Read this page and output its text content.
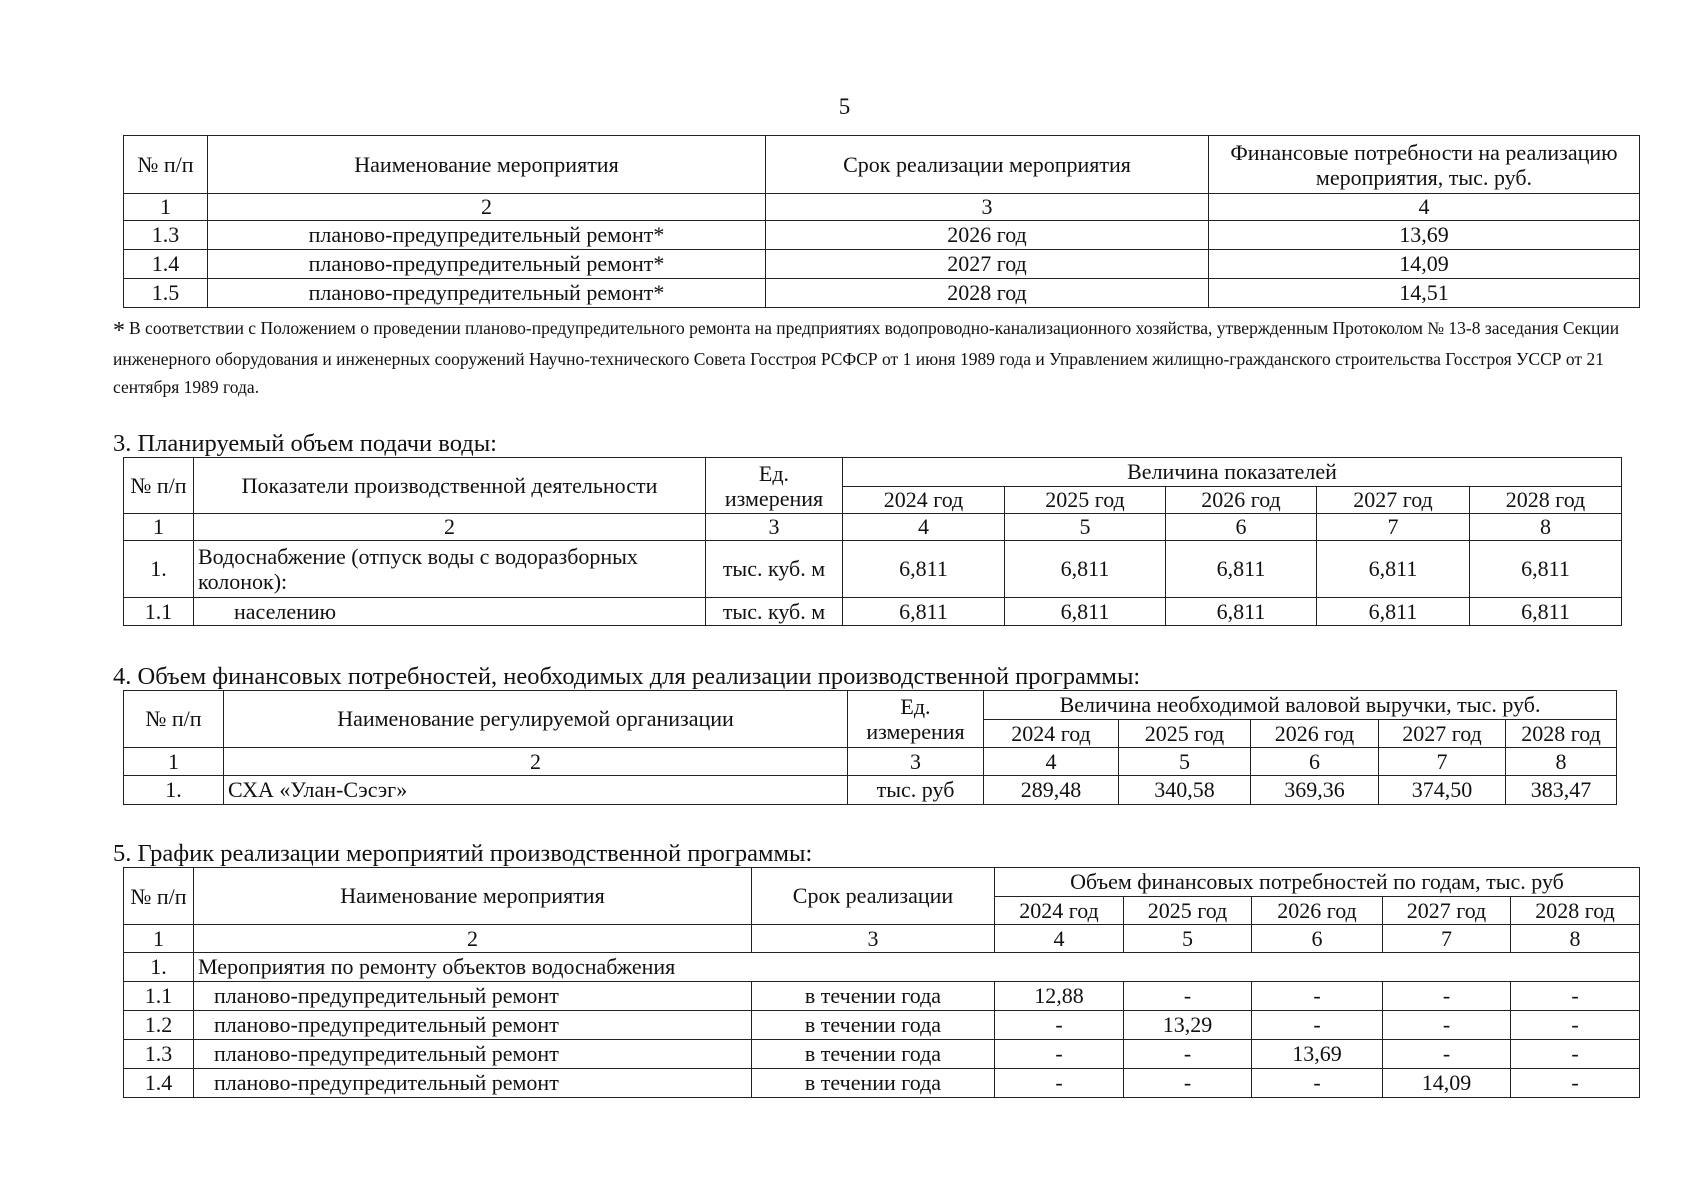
5
№ п/п	Наименование мероприятия	Срок реализации мероприятия	Финансовые потребности на реализацию мероприятия, тыс. руб.
1	2	3	4
1.3	планово-предупредительный ремонт*	2026 год	13,69
1.4	планово-предупредительный ремонт*	2027 год	14,09
1.5	планово-предупредительный ремонт*	2028 год	14,51
* В соответствии с Положением о проведении планово-предупредительного ремонта на предприятиях водопроводно-канализационного хозяйства, утвержденным Протоколом № 13-8 заседания Секции инженерного оборудования и инженерных сооружений Научно-технического Совета Госстроя РСФСР от 1 июня 1989 года и Управлением жилищно-гражданского строительства Госстроя УССР от 21 сентября 1989 года.
3. Планируемый объем подачи воды:
№ п/п	Показатели производственной деятельности	Ед. измерения	Величина показателей				
			2024 год	2025 год	2026 год	2027 год	2028 год
1	2	3	4	5	6	7	8
1.	Водоснабжение (отпуск воды с водоразборных колонок):	тыс. куб. м	6,811	6,811	6,811	6,811	6,811
1.1	населению	тыс. куб. м	6,811	6,811	6,811	6,811	6,811
4. Объем финансовых потребностей, необходимых для реализации производственной программы:
№ п/п	Наименование регулируемой организации	Ед. измерения	Величина необходимой валовой выручки, тыс. руб.				
			2024 год	2025 год	2026 год	2027 год	2028 год
1	2	3	4	5	6	7	8
1.	СХА «Улан-Сэсэг»	тыс. руб	289,48	340,58	369,36	374,50	383,47
5. График реализации мероприятий производственной программы:
№ п/п	Наименование мероприятия	Срок реализации	Объем финансовых потребностей по годам, тыс. руб				
			2024 год	2025 год	2026 год	2027 год	2028 год
1	2	3	4	5	6	7	8
1.	Мероприятия по ремонту объектов водоснабжения						
1.1	планово-предупредительный ремонт	в течении года	12,88	-	-	-	-
1.2	планово-предупредительный ремонт	в течении года	-	13,29	-	-	-
1.3	планово-предупредительный ремонт	в течении года	-	-	13,69	-	-
1.4	планово-предупредительный ремонт	в течении года	-	-	-	14,09	-
